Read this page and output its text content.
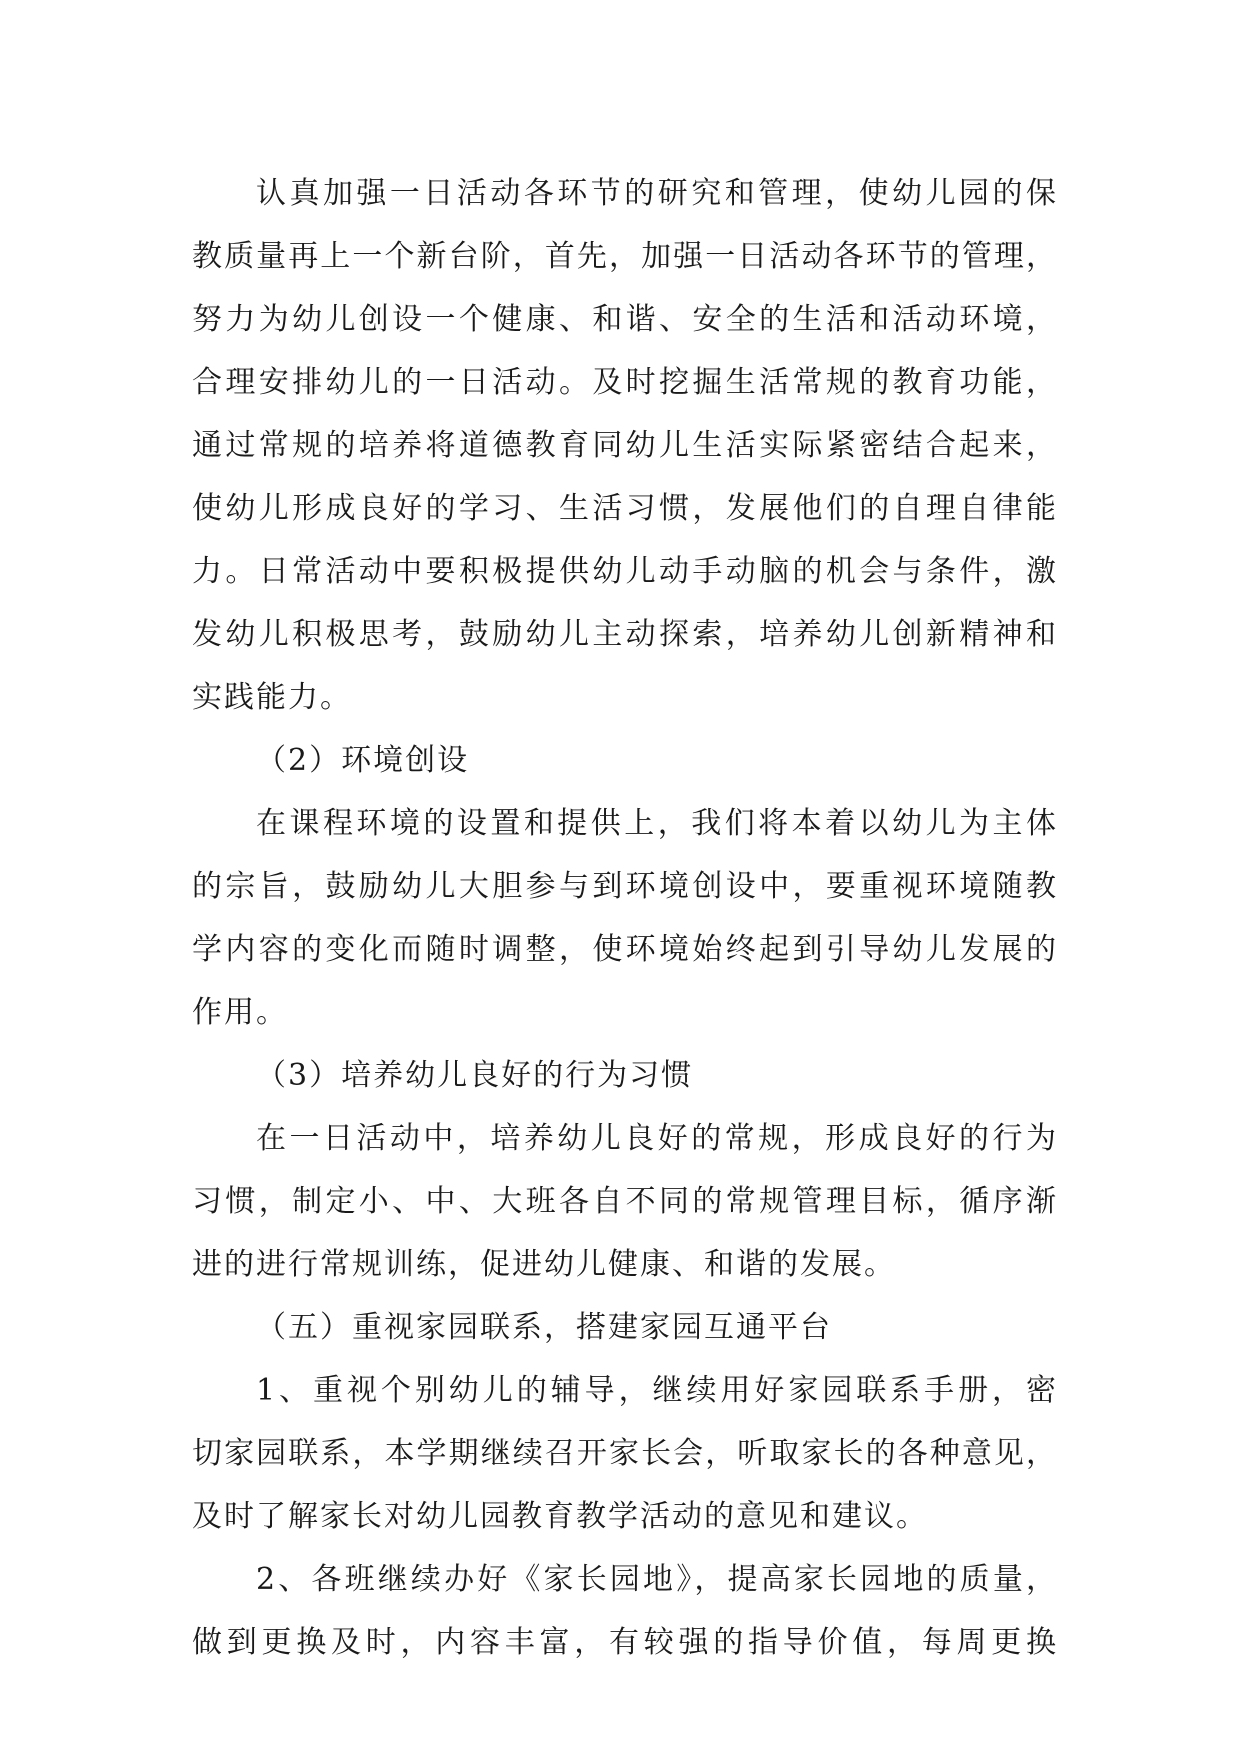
认真加强一日活动各环节的研究和管理，使幼儿园的保
教质量再上一个新台阶，首先，加强一日活动各环节的管理，
努力为幼儿创设一个健康、和谐、安全的生活和活动环境，
合理安排幼儿的一日活动。及时挖掘生活常规的教育功能，
通过常规的培养将道德教育同幼儿生活实际紧密结合起来，
使幼儿形成良好的学习、生活习惯，发展他们的自理自律能
力。日常活动中要积极提供幼儿动手动脑的机会与条件，激
发幼儿积极思考，鼓励幼儿主动探索，培养幼儿创新精神和
实践能力。
（2）环境创设
在课程环境的设置和提供上，我们将本着以幼儿为主体
的宗旨，鼓励幼儿大胆参与到环境创设中，要重视环境随教
学内容的变化而随时调整，使环境始终起到引导幼儿发展的
作用。
（3）培养幼儿良好的行为习惯
在一日活动中，培养幼儿良好的常规，形成良好的行为
习惯，制定小、中、大班各自不同的常规管理目标，循序渐
进的进行常规训练，促进幼儿健康、和谐的发展。
（五）重视家园联系，搭建家园互通平台
1、重视个别幼儿的辅导，继续用好家园联系手册，密
切家园联系，本学期继续召开家长会，听取家长的各种意见，
及时了解家长对幼儿园教育教学活动的意见和建议。
2、各班继续办好《家长园地》，提高家长园地的质量，
做到更换及时，内容丰富，有较强的指导价值，每周更换
